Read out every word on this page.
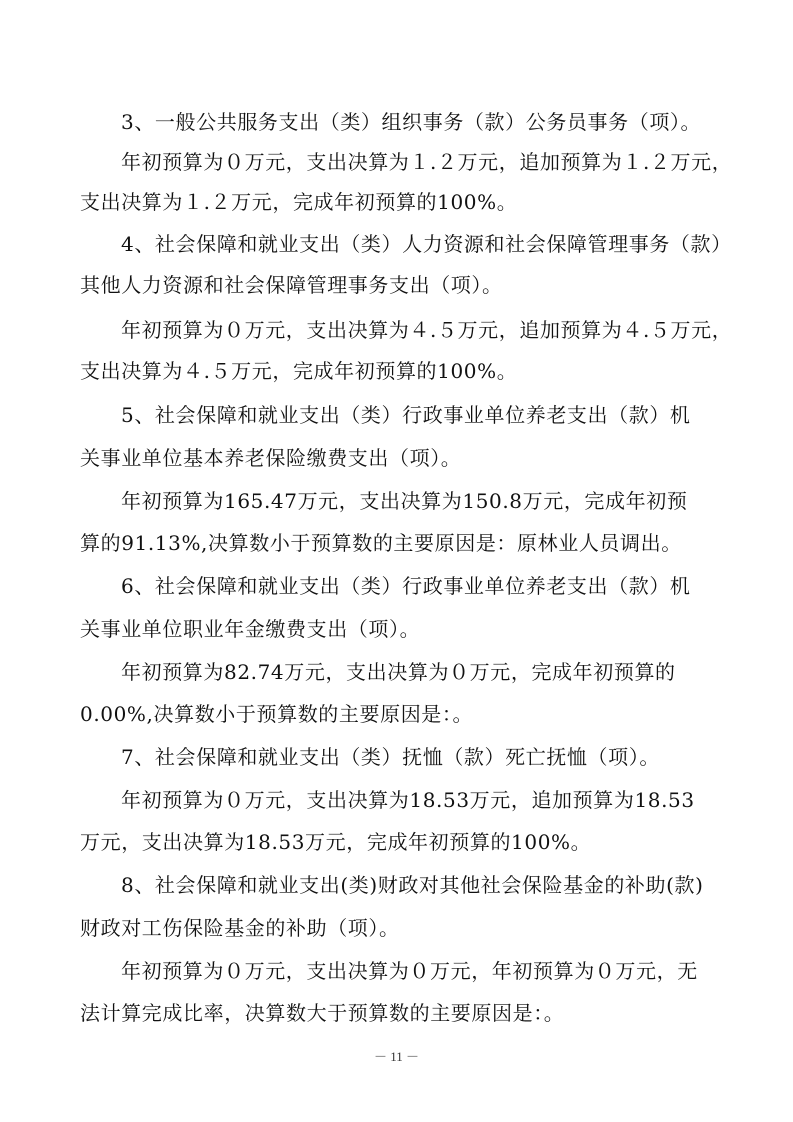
3、一般公共服务支出（类）组织事务（款）公务员事务（项）。
年初预算为０万元，支出决算为１.２万元，追加预算为１.２万元，
支出决算为１.２万元，完成年初预算的100%。
4、社会保障和就业支出（类）人力资源和社会保障管理事务（款）
其他人力资源和社会保障管理事务支出（项）。
年初预算为０万元，支出决算为４.５万元，追加预算为４.５万元，
支出决算为４.５万元，完成年初预算的100%。
5、社会保障和就业支出（类）行政事业单位养老支出（款）机
关事业单位基本养老保险缴费支出（项）。
年初预算为165.47万元，支出决算为150.8万元，完成年初预
算的91.13%,决算数小于预算数的主要原因是：原林业人员调出。
6、社会保障和就业支出（类）行政事业单位养老支出（款）机
关事业单位职业年金缴费支出（项）。
年初预算为82.74万元，支出决算为０万元，完成年初预算的
0.00%,决算数小于预算数的主要原因是：。
7、社会保障和就业支出（类）抚恤（款）死亡抚恤（项）。
年初预算为０万元，支出决算为18.53万元，追加预算为18.53
万元，支出决算为18.53万元，完成年初预算的100%。
8、社会保障和就业支出(类)财政对其他社会保险基金的补助(款)
财政对工伤保险基金的补助（项）。
年初预算为０万元，支出决算为０万元，年初预算为０万元，无
法计算完成比率，决算数大于预算数的主要原因是：。
－ 11 －
